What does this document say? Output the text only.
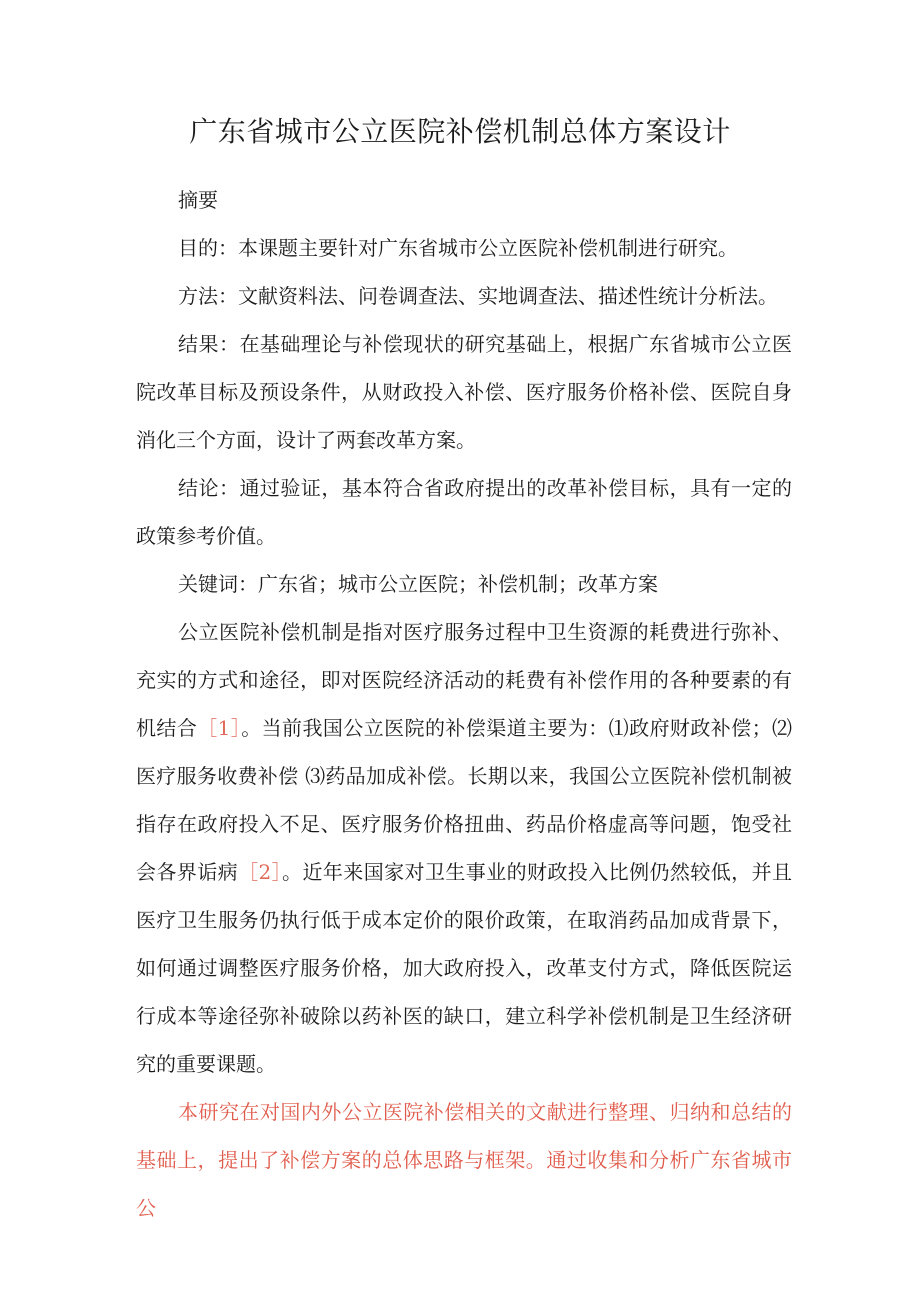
广东省城市公立医院补偿机制总体方案设计

摘要

目的：本课题主要针对广东省城市公立医院补偿机制进行研究。

方法：文献资料法、问卷调查法、实地调查法、描述性统计分析法。

结果：在基础理论与补偿现状的研究基础上，根据广东省城市公立医院改革目标及预设条件，从财政投入补偿、医疗服务价格补偿、医院自身消化三个方面，设计了两套改革方案。

结论：通过验证，基本符合省政府提出的改革补偿目标，具有一定的政策参考价值。

关键词：广东省；城市公立医院；补偿机制；改革方案

公立医院补偿机制是指对医疗服务过程中卫生资源的耗费进行弥补、充实的方式和途径，即对医院经济活动的耗费有补偿作用的各种要素的有机结合［1］。当前我国公立医院的补偿渠道主要为：⑴政府财政补偿；⑵医疗服务收费补偿 ⑶药品加成补偿。长期以来，我国公立医院补偿机制被指存在政府投入不足、医疗服务价格扭曲、药品价格虚高等问题，饱受社会各界诟病［2］。近年来国家对卫生事业的财政投入比例仍然较低，并且医疗卫生服务仍执行低于成本定价的限价政策，在取消药品加成背景下，如何通过调整医疗服务价格，加大政府投入，改革支付方式，降低医院运行成本等途径弥补破除以药补医的缺口，建立科学补偿机制是卫生经济研究的重要课题。

本研究在对国内外公立医院补偿相关的文献进行整理、归纳和总结的基础上，提出了补偿方案的总体思路与框架。通过收集和分析广东省城市公
